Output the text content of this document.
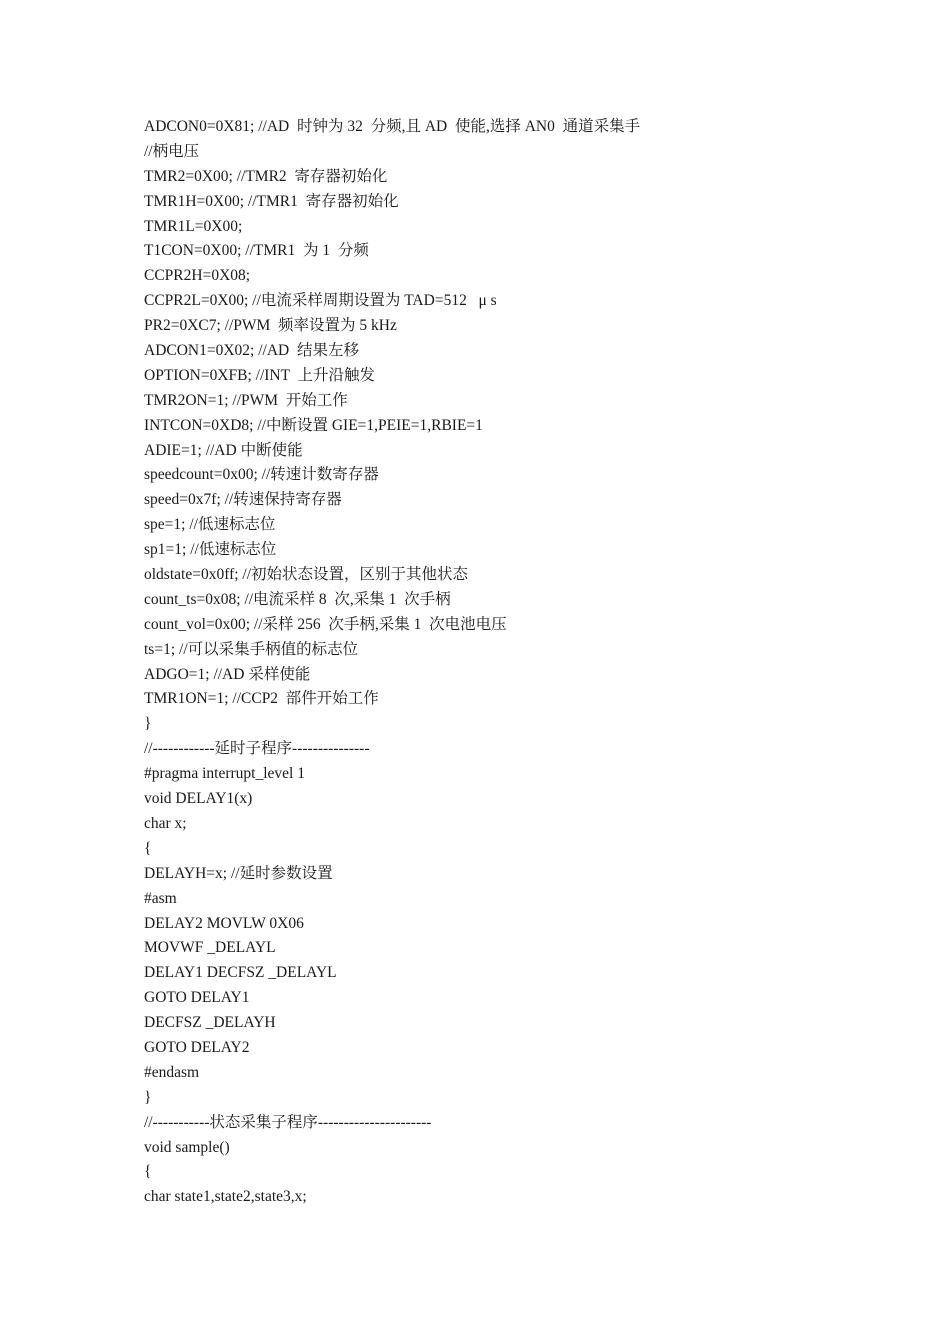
ADCON0=0X81; //AD  时钟为 32  分频,且 AD  使能,选择 AN0  通道采集手
//柄电压
TMR2=0X00; //TMR2  寄存器初始化
TMR1H=0X00; //TMR1  寄存器初始化
TMR1L=0X00;
T1CON=0X00; //TMR1  为 1  分频
CCPR2H=0X08;
CCPR2L=0X00; //电流采样周期设置为 TAD=512   μ s
PR2=0XC7; //PWM  频率设置为 5 kHz
ADCON1=0X02; //AD  结果左移
OPTION=0XFB; //INT  上升沿触发
TMR2ON=1; //PWM  开始工作
INTCON=0XD8; //中断设置 GIE=1,PEIE=1,RBIE=1
ADIE=1; //AD 中断使能
speedcount=0x00; //转速计数寄存器
speed=0x7f; //转速保持寄存器
spe=1; //低速标志位
sp1=1; //低速标志位
oldstate=0x0ff; //初始状态设置，区别于其他状态
count_ts=0x08; //电流采样 8  次,采集 1  次手柄
count_vol=0x00; //采样 256  次手柄,采集 1  次电池电压
ts=1; //可以采集手柄值的标志位
ADGO=1; //AD 采样使能
TMR1ON=1; //CCP2  部件开始工作
}
//------------延时子程序---------------
#pragma interrupt_level 1
void DELAY1(x)
char x;
{
DELAYH=x; //延时参数设置
#asm
DELAY2 MOVLW 0X06
MOVWF _DELAYL
DELAY1 DECFSZ _DELAYL
GOTO DELAY1
DECFSZ _DELAYH
GOTO DELAY2
#endasm
}
//-----------状态采集子程序----------------------
void sample()
{
char state1,state2,state3,x;
